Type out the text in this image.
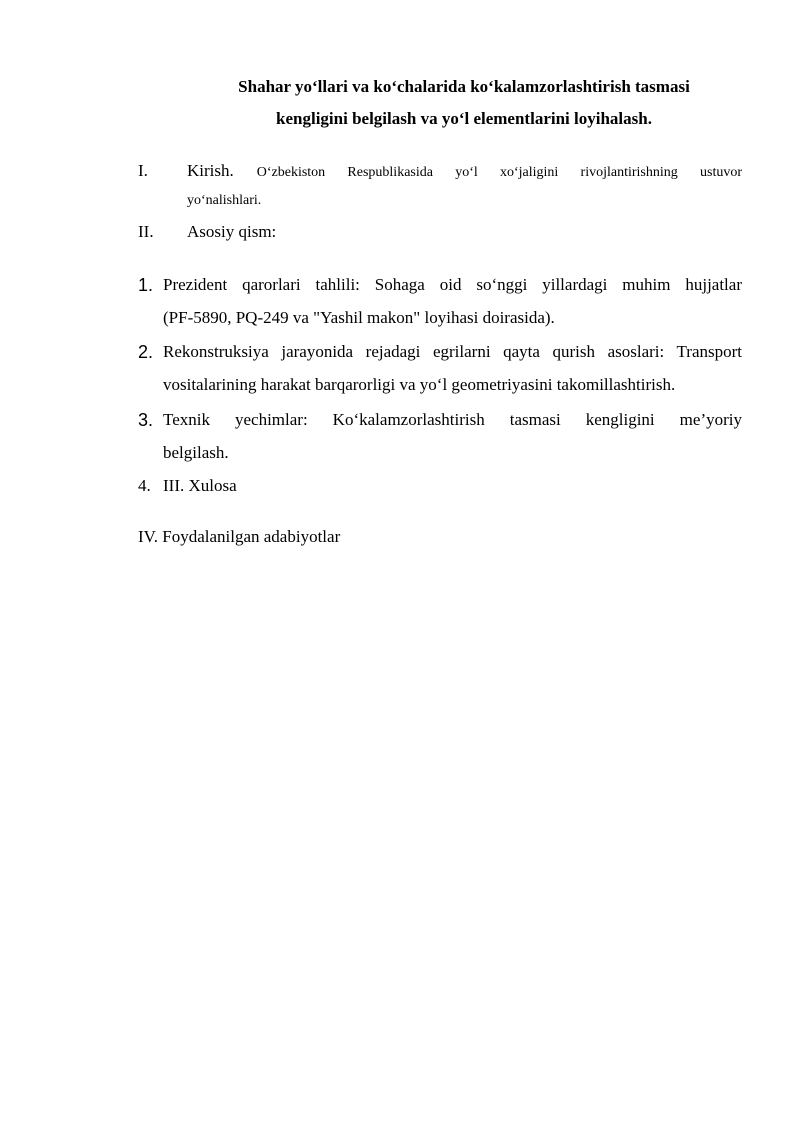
Shahar yo‘llari va ko‘chalarida ko‘kalamzorlashtirish tasmasi
kengligini belgilash va yo‘l elementlarini loyihalash.
I. Kirish. O‘zbekiston Respublikasida yo‘l xo‘jaligini rivojlantirishning ustuvor
yo‘nalishlari.
II. Asosiy qism:
1. Prezident qarorlari tahlili: Sohaga oid so‘nggi yillardagi muhim hujjatlar
(PF-5890, PQ-249 va "Yashil makon" loyihasi doirasida).
2. Rekonstruksiya jarayonida rejadagi egrilarni qayta qurish asoslari: Transport
vositalarining harakat barqarorligi va yo‘l geometriyasini takomillashtirish.
3. Texnik yechimlar: Ko‘kalamzorlashtirish tasmasi kengligini me’yoriy
belgilash.
4. III. Xulosa
IV. Foydalanilgan adabiyotlar
